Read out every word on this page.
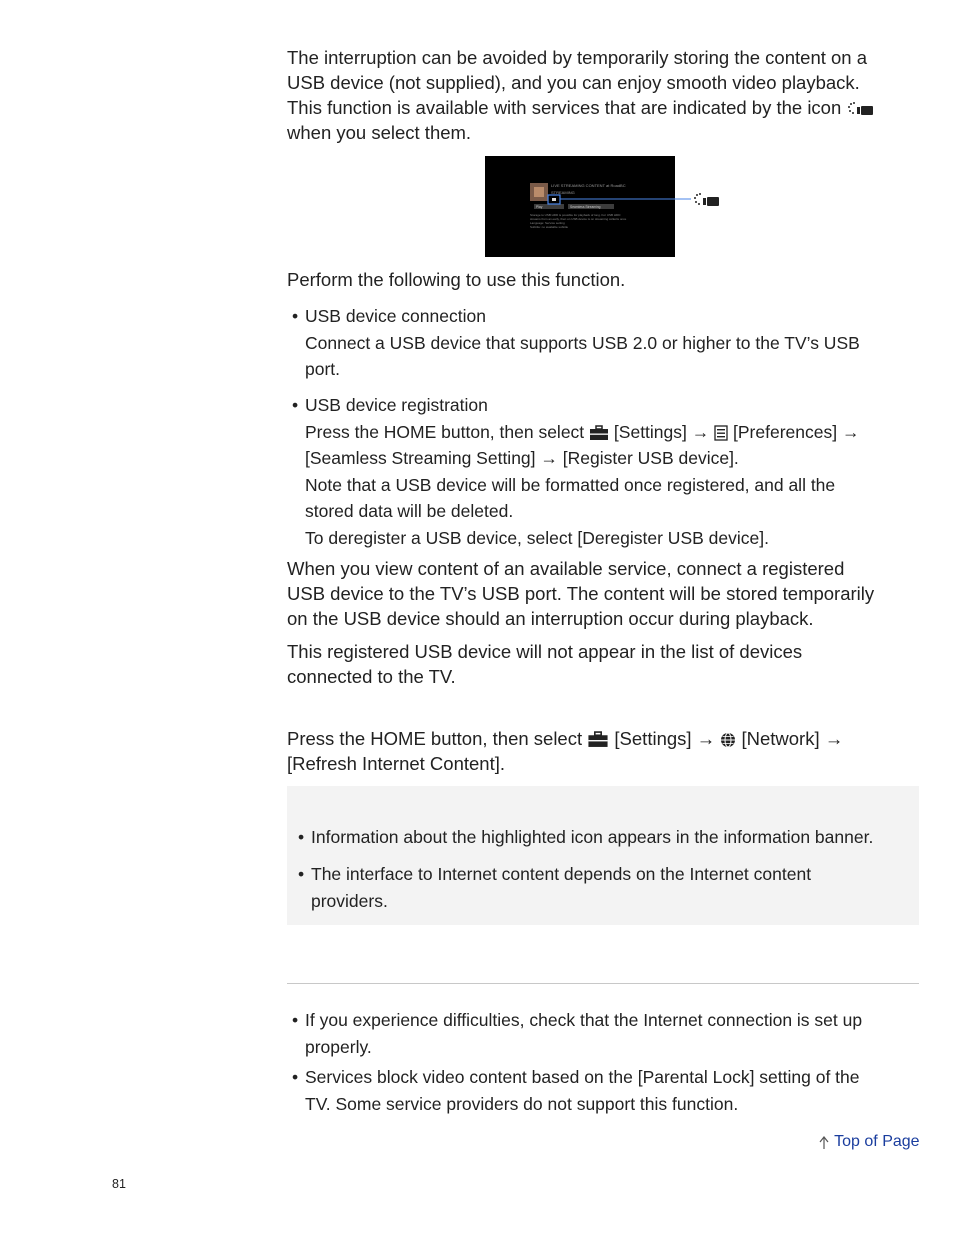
The interruption can be avoided by temporarily storing the content on a
USB device (not supplied), and you can enjoy smooth video playback.
This function is available with services that are indicated by the icon
when you select them.
LIVE STREAMING CONTENT at RoadBC
STREAMING
Play	Seamless Streaming
Storage to USB HDD is possible for playback of long. For USB HDD
streams from an early, then on USB device is on streaming collects once
Language: Service setting
Subtitle: no available subtitle
Perform the following to use this function.
• USB device connection
Connect a USB device that supports USB 2.0 or higher to the TV’s USB
port.
• USB device registration
Press the HOME button, then select [Settings] → [Preferences] →
[Seamless Streaming Setting] → [Register USB device].
Note that a USB device will be formatted once registered, and all the
stored data will be deleted.
To deregister a USB device, select [Deregister USB device].
When you view content of an available service, connect a registered
USB device to the TV’s USB port. The content will be stored temporarily
on the USB device should an interruption occur during playback.
This registered USB device will not appear in the list of devices
connected to the TV.
Press the HOME button, then select [Settings] → [Network] →
[Refresh Internet Content].
• Information about the highlighted icon appears in the information banner.
• The interface to Internet content depends on the Internet content
providers.
• If you experience difficulties, check that the Internet connection is set up
properly.
• Services block video content based on the [Parental Lock] setting of the
TV. Some service providers do not support this function.
Top of Page
81
